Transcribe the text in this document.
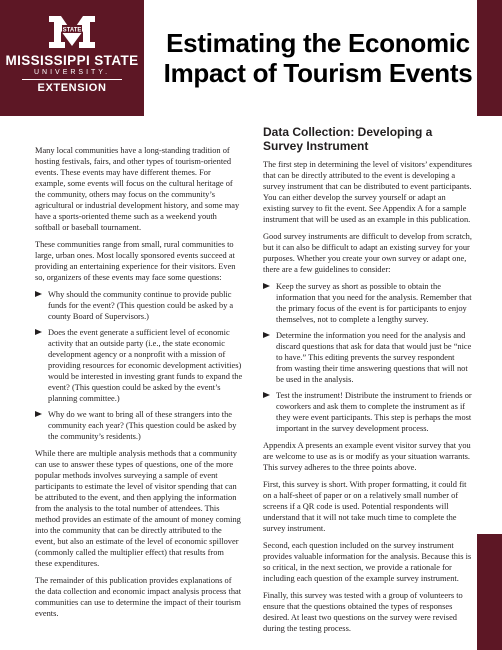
STATE
MISSISSIPPI STATE
UNIVERSITY.
EXTENSION
Estimating the Economic
Impact of Tourism Events

Many local communities have a long-standing tradition of hosting festivals, fairs, and other types of tourism-oriented events. These events may have different themes. For example, some events will focus on the cultural heritage of the community, others may focus on the community’s agricultural or industrial development history, and some may have a sports-oriented theme such as a weekend youth softball or baseball tournament.

These communities range from small, rural communities to large, urban ones. Most locally sponsored events succeed at providing an entertaining experience for their visitors. Even so, organizers of these events may face some questions:

Why should the community continue to provide public funds for the event? (This question could be asked by a county Board of Supervisors.)
Does the event generate a sufficient level of economic activity that an outside party (i.e., the state economic development agency or a nonprofit with a mission of providing resources for economic development activities) would be interested in investing grant funds to expand the event? (This question could be asked by the event’s planning committee.)
Why do we want to bring all of these strangers into the community each year? (This question could be asked by the community’s residents.)

While there are multiple analysis methods that a community can use to answer these types of questions, one of the more popular methods involves surveying a sample of event participants to estimate the level of visitor spending that can be attributed to the event, and then applying the information from the analysis to the total number of attendees. This method provides an estimate of the amount of money coming into the community that can be directly attributed to the event, but also an estimate of the level of economic spillover (commonly called the multiplier effect) that results from these expenditures.

The remainder of this publication provides explanations of the data collection and economic impact analysis process that communities can use to determine the impact of their tourism events.

Data Collection: Developing a Survey Instrument

The first step in determining the level of visitors’ expenditures that can be directly attributed to the event is developing a survey instrument that can be distributed to event participants. You can either develop the survey yourself or adapt an existing survey to fit the event. See Appendix A for a sample instrument that will be used as an example in this publication.

Good survey instruments are difficult to develop from scratch, but it can also be difficult to adapt an existing survey for your purposes. Whether you create your own survey or adapt one, there are a few guidelines to consider:

Keep the survey as short as possible to obtain the information that you need for the analysis. Remember that the primary focus of the event is for participants to enjoy themselves, not to complete a lengthy survey.
Determine the information you need for the analysis and discard questions that ask for data that would just be “nice to have.” This editing prevents the survey respondent from wasting their time answering questions that will not be used in the analysis.
Test the instrument! Distribute the instrument to friends or coworkers and ask them to complete the instrument as if they were event participants. This step is perhaps the most important in the survey development process.

Appendix A presents an example event visitor survey that you are welcome to use as is or modify as your situation warrants. This survey adheres to the three points above.

First, this survey is short. With proper formatting, it could fit on a half-sheet of paper or on a relatively small number of screens if a QR code is used. Potential respondents will understand that it will not take much time to complete the survey instrument.

Second, each question included on the survey instrument provides valuable information for the analysis. Because this is so critical, in the next section, we provide a rationale for including each question of the example survey instrument.

Finally, this survey was tested with a group of volunteers to ensure that the questions obtained the types of responses desired. At least two questions on the survey were revised during the testing process.
